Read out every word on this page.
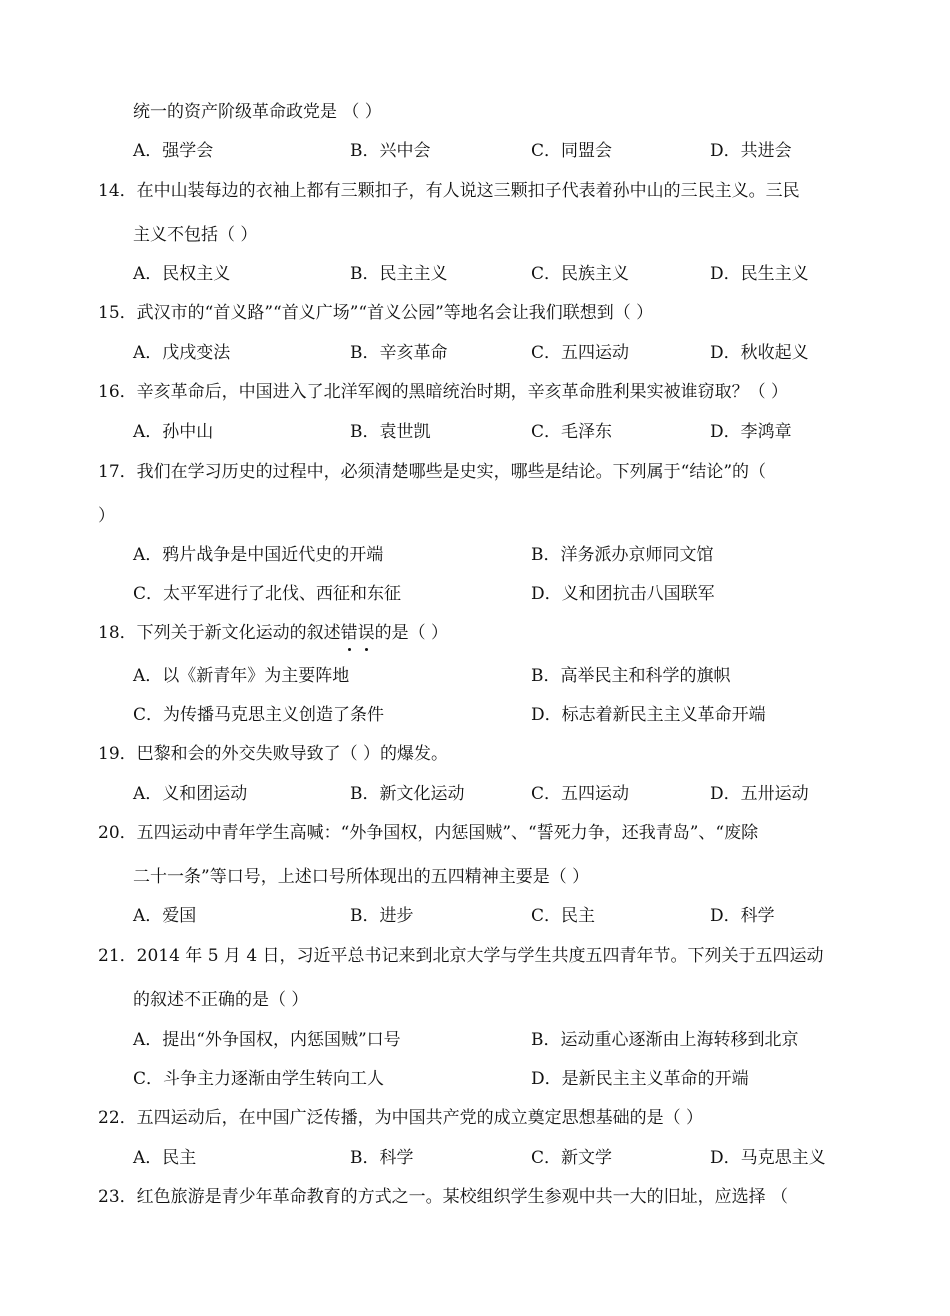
统一的资产阶级革命政党是 （ ）
A．强学会	B．兴中会	C．同盟会	D．共进会
14．在中山装每边的衣袖上都有三颗扣子，有人说这三颗扣子代表着孙中山的三民主义。三民
主义不包括（ ）
A．民权主义	B．民主主义	C．民族主义	D．民生主义
15．武汉市的“首义路”“首义广场”“首义公园”等地名会让我们联想到（ ）
A．戊戌变法	B．辛亥革命	C．五四运动	D．秋收起义
16．辛亥革命后，中国进入了北洋军阀的黑暗统治时期，辛亥革命胜利果实被谁窃取？（ ）
A．孙中山	B．袁世凯	C．毛泽东	D．李鸿章
17．我们在学习历史的过程中，必须清楚哪些是史实，哪些是结论。下列属于“结论”的（
）
A．鸦片战争是中国近代史的开端	B．洋务派办京师同文馆
C．太平军进行了北伐、西征和东征	D．义和团抗击八国联军
18．下列关于新文化运动的叙述错
误
的是（ ）
A．以《新青年》为主要阵地	B．高举民主和科学的旗帜
C．为传播马克思主义创造了条件	D．标志着新民主主义革命开端
19．巴黎和会的外交失败导致了（ ）的爆发。
A．义和团运动	B．新文化运动	C．五四运动	D．五卅运动
20．五四运动中青年学生高喊：“外争国权，内惩国贼”、“誓死力争，还我青岛”、“废除
二十一条”等口号，上述口号所体现出的五四精神主要是（ ）
A．爱国	B．进步	C．民主	D．科学
21．2014 年 5 月 4 日，习近平总书记来到北京大学与学生共度五四青年节。下列关于五四运动
的叙述不正确的是（ ）
A．提出“外争国权，内惩国贼”口号	B．运动重心逐渐由上海转移到北京
C．斗争主力逐渐由学生转向工人	D．是新民主主义革命的开端
22．五四运动后，在中国广泛传播，为中国共产党的成立奠定思想基础的是（ ）
A．民主	B．科学	C．新文学	D．马克思主义
23．红色旅游是青少年革命教育的方式之一。某校组织学生参观中共一大的旧址，应选择 （
